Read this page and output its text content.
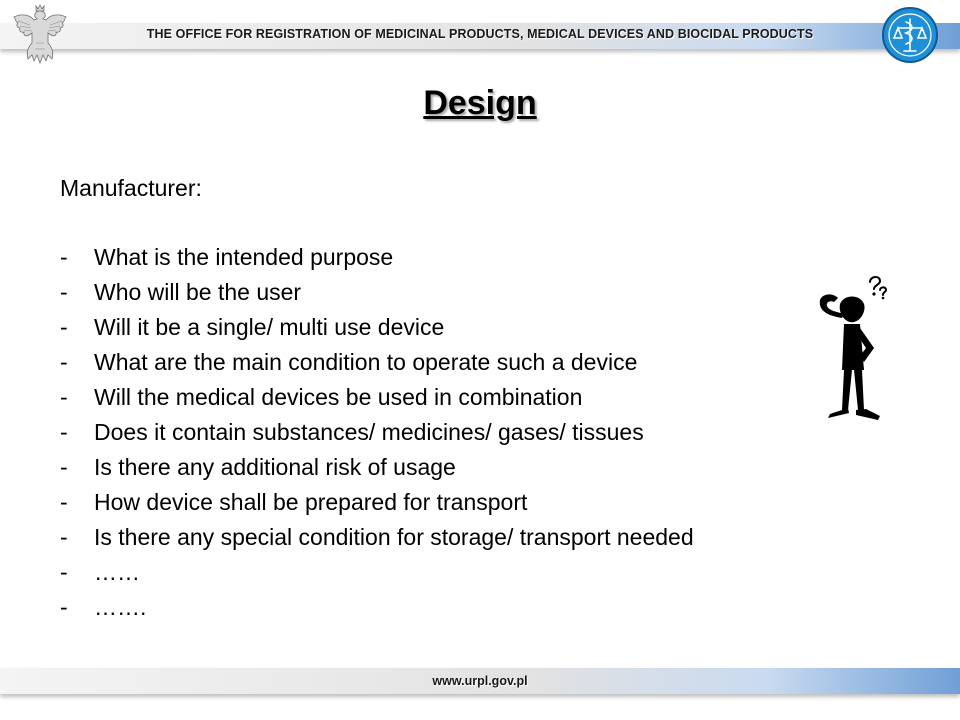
THE OFFICE FOR REGISTRATION OF MEDICINAL PRODUCTS, MEDICAL DEVICES AND BIOCIDAL PRODUCTS
Design
Manufacturer:
- What is the intended purpose
- Who will be the user
- Will it be a single/ multi use device
- What are the main condition to operate such a device
- Will the medical devices be used in combination
- Does it contain substances/ medicines/ gases/ tissues
- Is there any additional risk of usage
- How device shall be prepared for transport
- Is there any special condition for storage/ transport needed
- ……
- …….
www.urpl.gov.pl
